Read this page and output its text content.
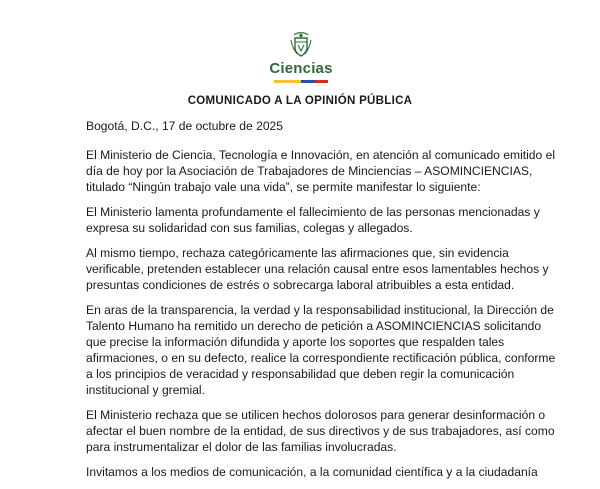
Ciencias
COMUNICADO A LA OPINIÓN PÚBLICA

Bogotá, D.C., 17 de octubre de 2025

El Ministerio de Ciencia, Tecnología e Innovación, en atención al comunicado emitido el día de hoy por la Asociación de Trabajadores de Minciencias – ASOMINCIENCIAS, titulado “Ningún trabajo vale una vida”, se permite manifestar lo siguiente:

El Ministerio lamenta profundamente el fallecimiento de las personas mencionadas y expresa su solidaridad con sus familias, colegas y allegados.

Al mismo tiempo, rechaza categóricamente las afirmaciones que, sin evidencia verificable, pretenden establecer una relación causal entre esos lamentables hechos y presuntas condiciones de estrés o sobrecarga laboral atribuibles a esta entidad.

En aras de la transparencia, la verdad y la responsabilidad institucional, la Dirección de Talento Humano ha remitido un derecho de petición a ASOMINCIENCIAS solicitando que precise la información difundida y aporte los soportes que respalden tales afirmaciones, o en su defecto, realice la correspondiente rectificación pública, conforme a los principios de veracidad y responsabilidad que deben regir la comunicación institucional y gremial.

El Ministerio rechaza que se utilicen hechos dolorosos para generar desinformación o afectar el buen nombre de la entidad, de sus directivos y de sus trabajadores, así como para instrumentalizar el dolor de las familias involucradas.

Invitamos a los medios de comunicación, a la comunidad científica y a la ciudadanía
